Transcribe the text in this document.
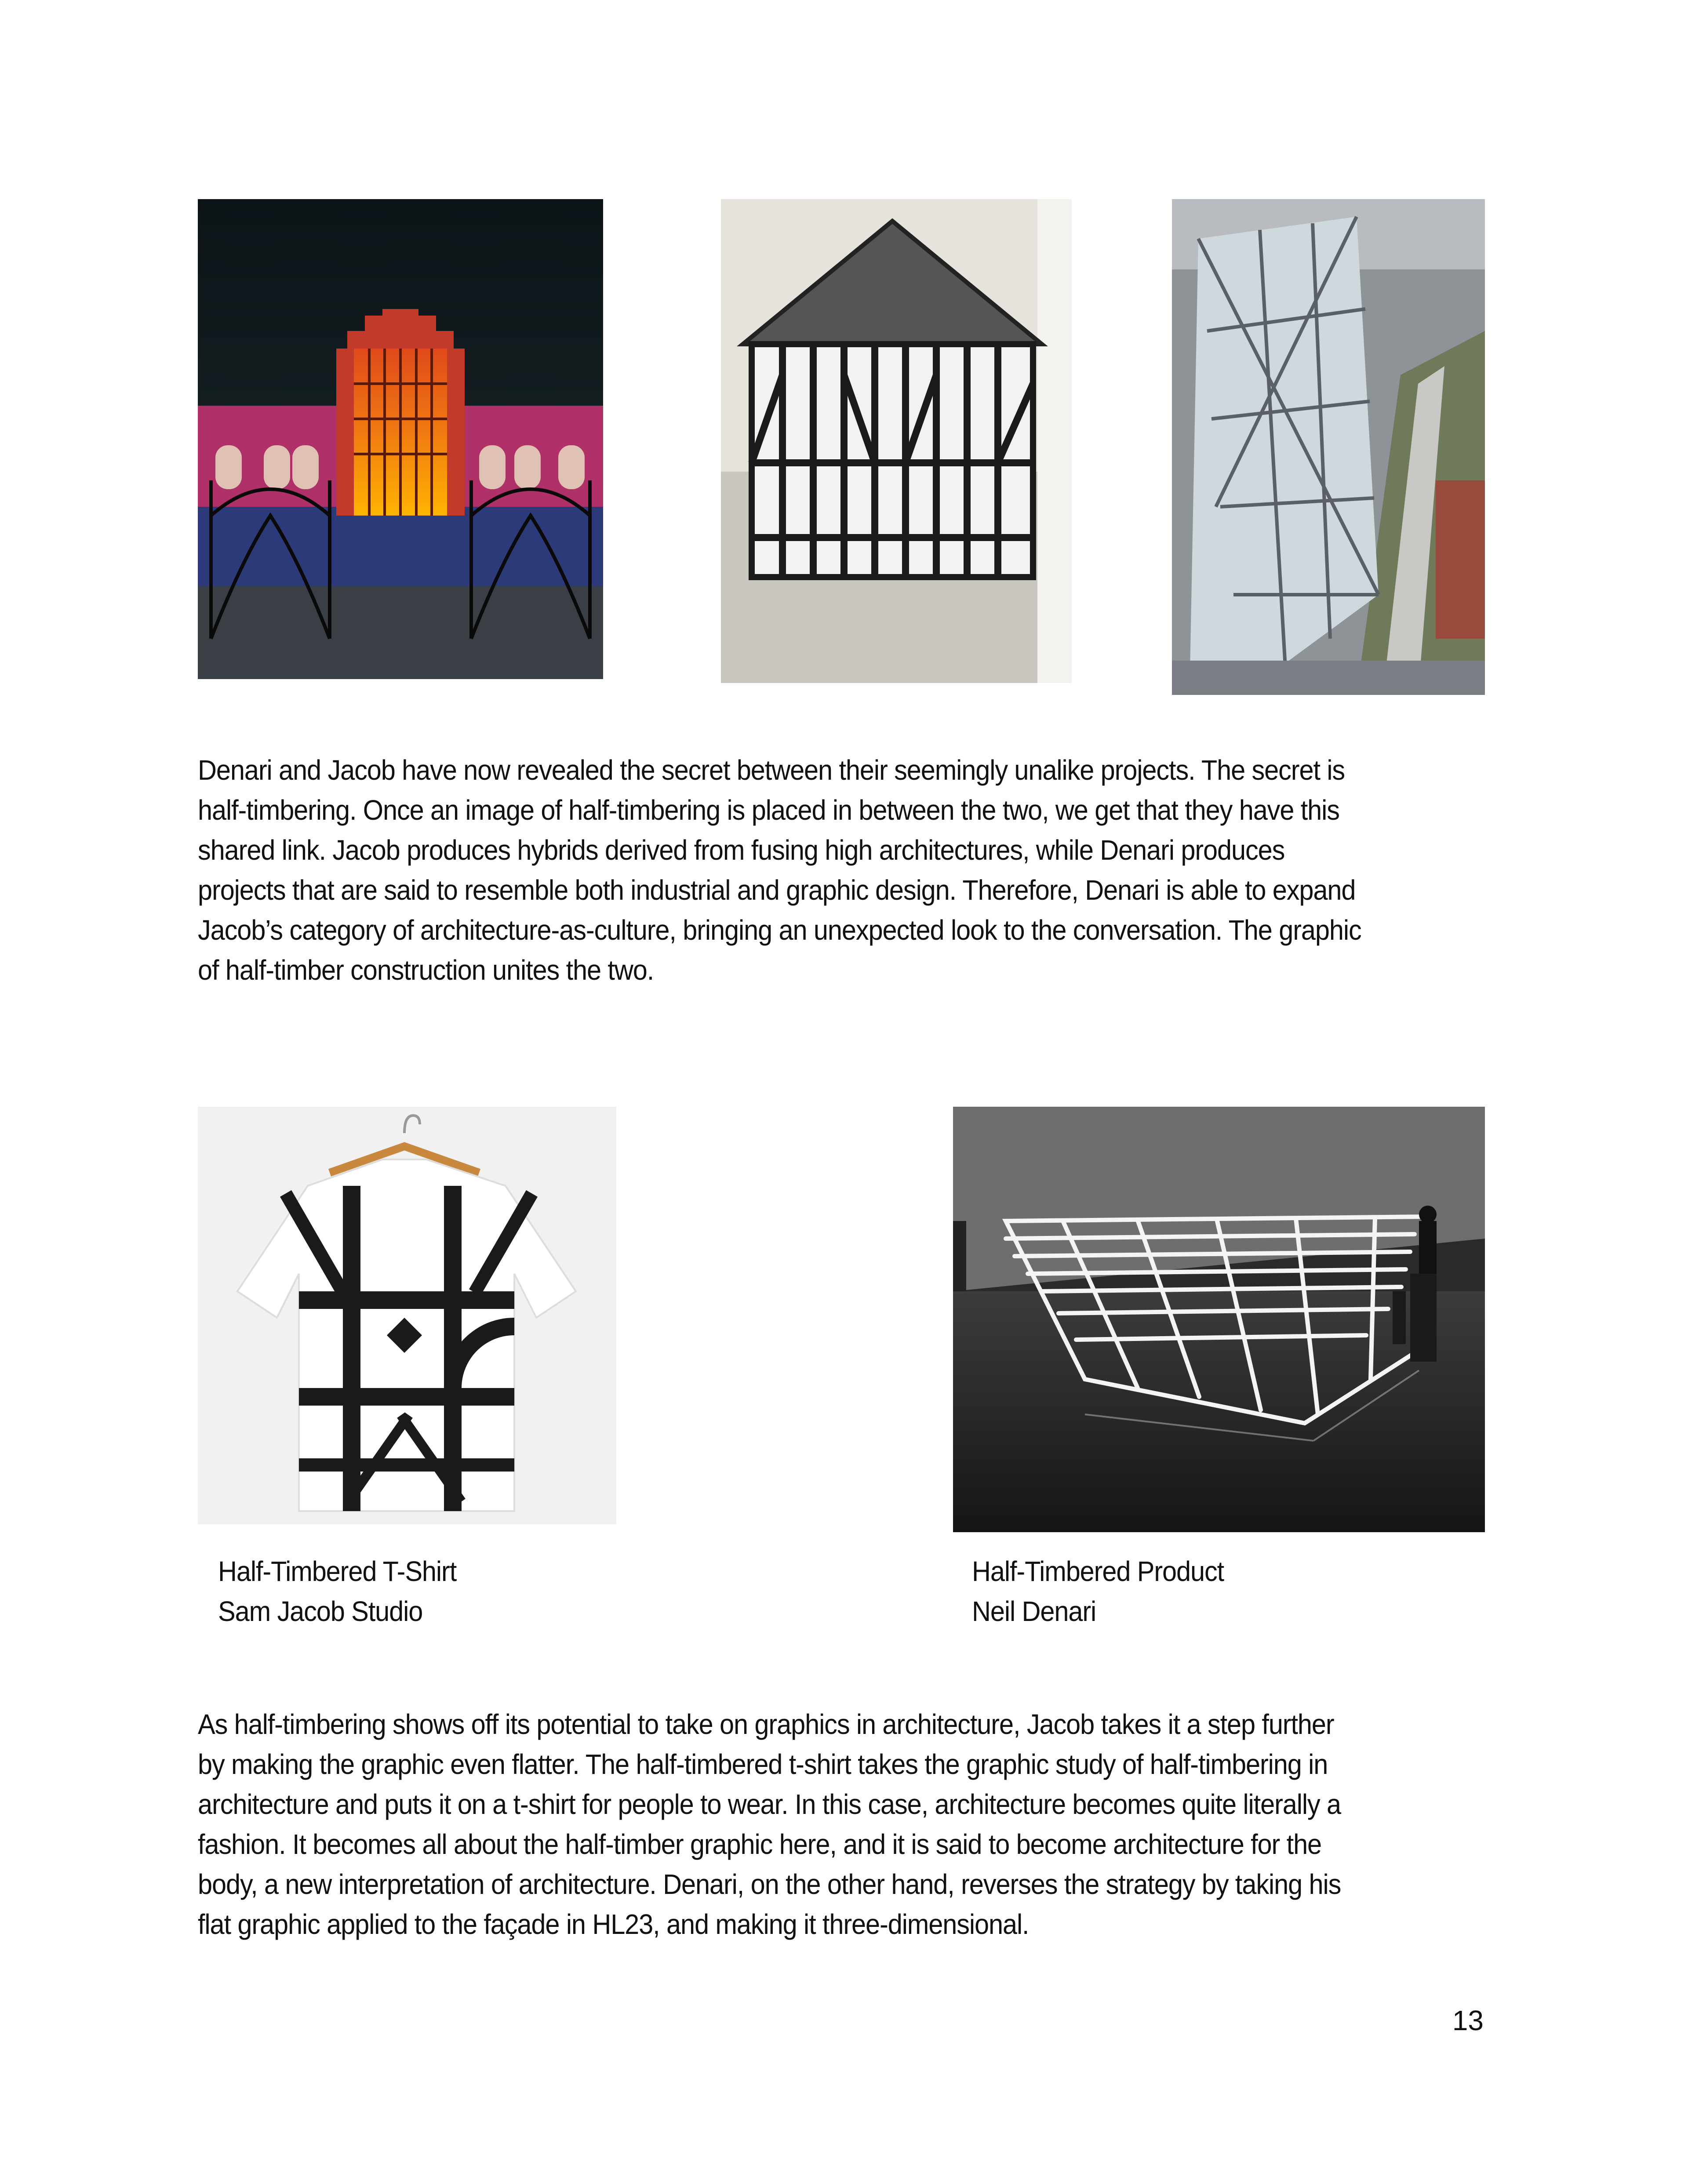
Denari and Jacob have now revealed the secret between their seemingly unalike projects. The secret is
half-timbering. Once an image of half-timbering is placed in between the two, we get that they have this
shared link. Jacob produces hybrids derived from fusing high architectures, while Denari produces
projects that are said to resemble both industrial and graphic design. Therefore, Denari is able to expand
Jacob’s category of architecture-as-culture, bringing an unexpected look to the conversation. The graphic
of half-timber construction unites the two.
Half-Timbered T-Shirt
Sam Jacob Studio
Half-Timbered Product
Neil Denari
As half-timbering shows off its potential to take on graphics in architecture, Jacob takes it a step further
by making the graphic even flatter. The half-timbered t-shirt takes the graphic study of half-timbering in
architecture and puts it on a t-shirt for people to wear. In this case, architecture becomes quite literally a
fashion. It becomes all about the half-timber graphic here, and it is said to become architecture for the
body, a new interpretation of architecture. Denari, on the other hand, reverses the strategy by taking his
flat graphic applied to the façade in HL23, and making it three-dimensional.
13
